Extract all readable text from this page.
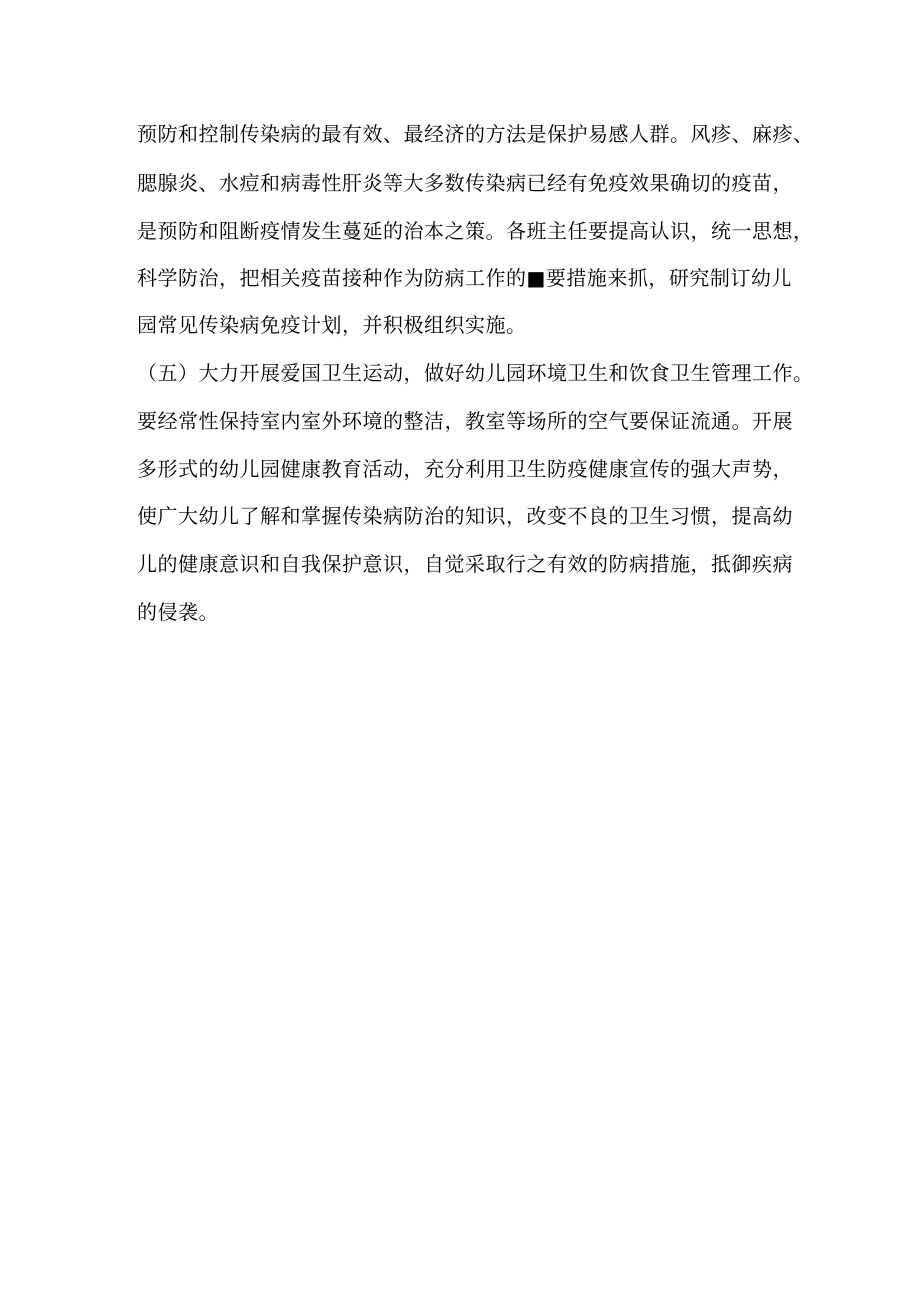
预防和控制传染病的最有效、最经济的方法是保护易感人群。风疹、麻疹、
腮腺炎、水痘和病毒性肝炎等大多数传染病已经有免疫效果确切的疫苗，
是预防和阻断疫情发生蔓延的治本之策。各班主任要提高认识，统一思想，
科学防治，把相关疫苗接种作为防病工作的■要措施来抓，研究制订幼儿
园常见传染病免疫计划，并积极组织实施。
（五）大力开展爱国卫生运动，做好幼儿园环境卫生和饮食卫生管理工作。
要经常性保持室内室外环境的整洁，教室等场所的空气要保证流通。开展
多形式的幼儿园健康教育活动，充分利用卫生防疫健康宣传的强大声势，
使广大幼儿了解和掌握传染病防治的知识，改变不良的卫生习惯，提高幼
儿的健康意识和自我保护意识，自觉采取行之有效的防病措施，抵御疾病
的侵袭。
